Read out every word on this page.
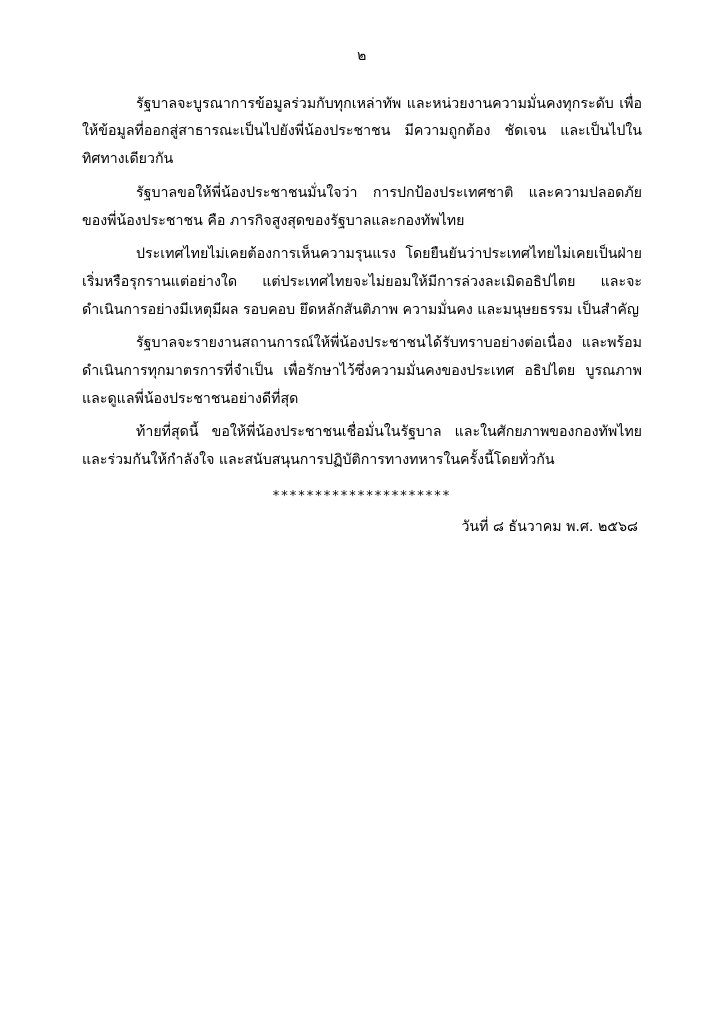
๒

รัฐบาลจะบูรณาการข้อมูลร่วมกับทุกเหล่าทัพ และหน่วยงานความมั่นคงทุกระดับ เพื่อให้ข้อมูลที่ออกสู่สาธารณะเป็นไปยังพี่น้องประชาชน มีความถูกต้อง ชัดเจน และเป็นไปในทิศทางเดียวกัน

รัฐบาลขอให้พี่น้องประชาชนมั่นใจว่า การปกป้องประเทศชาติ และความปลอดภัยของพี่น้องประชาชน คือ ภารกิจสูงสุดของรัฐบาลและกองทัพไทย

ประเทศไทยไม่เคยต้องการเห็นความรุนแรง โดยยืนยันว่าประเทศไทยไม่เคยเป็นฝ่ายเริ่มหรือรุกรานแต่อย่างใด แต่ประเทศไทยจะไม่ยอมให้มีการล่วงละเมิดอธิปไตย และจะดำเนินการอย่างมีเหตุมีผล รอบคอบ ยึดหลักสันติภาพ ความมั่นคง และมนุษยธรรม เป็นสำคัญ

รัฐบาลจะรายงานสถานการณ์ให้พี่น้องประชาชนได้รับทราบอย่างต่อเนื่อง และพร้อมดำเนินการทุกมาตรการที่จำเป็น เพื่อรักษาไว้ซึ่งความมั่นคงของประเทศ อธิปไตย บูรณภาพ และดูแลพี่น้องประชาชนอย่างดีที่สุด

ท้ายที่สุดนี้ ขอให้พี่น้องประชาชนเชื่อมั่นในรัฐบาล และในศักยภาพของกองทัพไทย และร่วมกันให้กำลังใจ และสนับสนุนการปฏิบัติการทางทหารในครั้งนี้โดยทั่วกัน

*********************
วันที่ ๘ ธันวาคม พ.ศ. ๒๕๖๘
